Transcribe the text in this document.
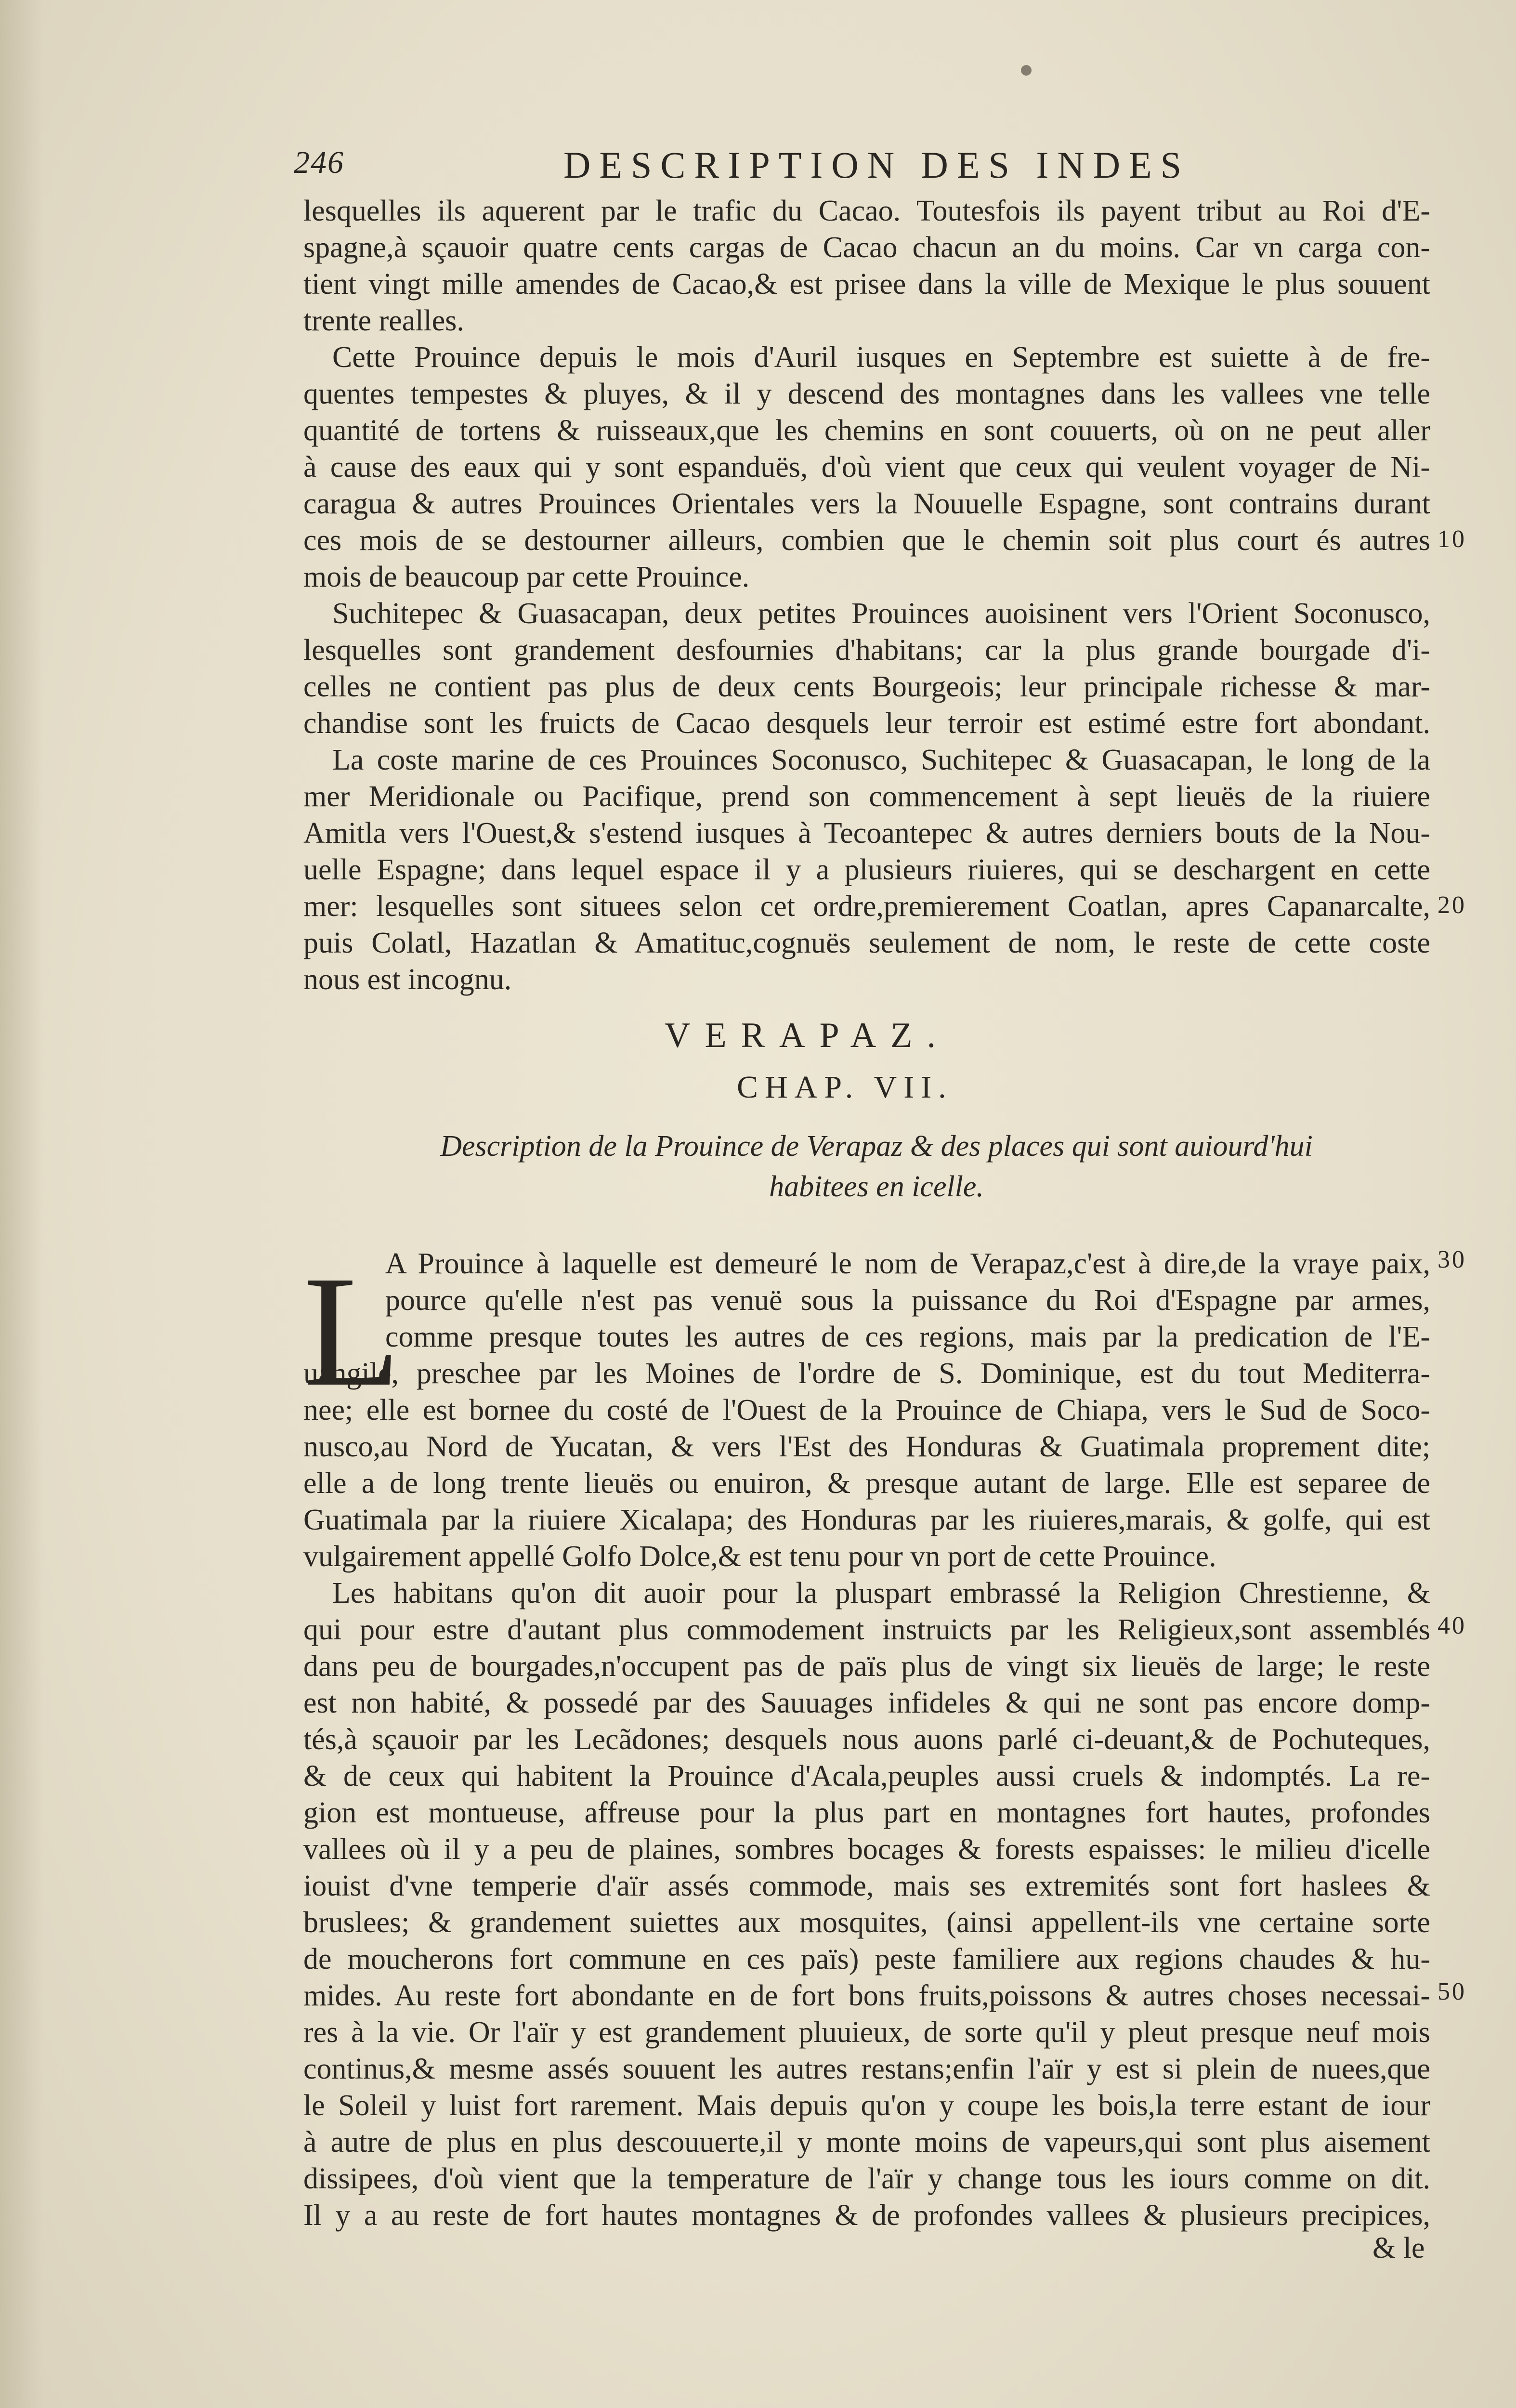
246	DESCRIPTION DES INDES
lesquelles ils aquerent par le trafic du Cacao. Toutesfois ils payent tribut au Roi d'E-
spagne,à sçauoir quatre cents cargas de Cacao chacun an du moins. Car vn carga con-
tient vingt mille amendes de Cacao,& est prisee dans la ville de Mexique le plus souuent
trente realles.
Cette Prouince depuis le mois d'Auril iusques en Septembre est suiette à de fre-
quentes tempestes & pluyes, & il y descend des montagnes dans les vallees vne telle
quantité de tortens & ruisseaux,que les chemins en sont couuerts, où on ne peut aller
à cause des eaux qui y sont espanduës, d'où vient que ceux qui veulent voyager de Ni-
caragua & autres Prouinces Orientales vers la Nouuelle Espagne, sont contrains durant
ces mois de se destourner ailleurs, combien que le chemin soit plus court és autres
mois de beaucoup par cette Prouince.
Suchitepec & Guasacapan, deux petites Prouinces auoisinent vers l'Orient Soconusco,
lesquelles sont grandement desfournies d'habitans; car la plus grande bourgade d'i-
celles ne contient pas plus de deux cents Bourgeois; leur principale richesse & mar-
chandise sont les fruicts de Cacao desquels leur terroir est estimé estre fort abondant.
La coste marine de ces Prouinces Soconusco, Suchitepec & Guasacapan, le long de la
mer Meridionale ou Pacifique, prend son commencement à sept lieuës de la riuiere
Amitla vers l'Ouest,& s'estend iusques à Tecoantepec & autres derniers bouts de la Nou-
uelle Espagne; dans lequel espace il y a plusieurs riuieres, qui se deschargent en cette
mer: lesquelles sont situees selon cet ordre,premierement Coatlan, apres Capanarcalte,
puis Colatl, Hazatlan & Amatituc,cognuës seulement de nom, le reste de cette coste
nous est incognu.
10
20
30
40
50
VERAPAZ.
CHAP. VII.
Description de la Prouince de Verapaz & des places qui sont auiourd'hui habitees en icelle.
L
A Prouince à laquelle est demeuré le nom de Verapaz,c'est à dire,de la vraye paix,
pource qu'elle n'est pas venuë sous la puissance du Roi d'Espagne par armes,
comme presque toutes les autres de ces regions, mais par la predication de l'E-
uangile, preschee par les Moines de l'ordre de S. Dominique, est du tout Mediterra-
nee; elle est bornee du costé de l'Ouest de la Prouince de Chiapa, vers le Sud de Soco-
nusco,au Nord de Yucatan, & vers l'Est des Honduras & Guatimala proprement dite;
elle a de long trente lieuës ou enuiron, & presque autant de large. Elle est separee de
Guatimala par la riuiere Xicalapa; des Honduras par les riuieres,marais, & golfe, qui est
vulgairement appellé Golfo Dolce,& est tenu pour vn port de cette Prouince.
Les habitans qu'on dit auoir pour la pluspart embrassé la Religion Chrestienne, &
qui pour estre d'autant plus commodement instruicts par les Religieux,sont assemblés
dans peu de bourgades,n'occupent pas de païs plus de vingt six lieuës de large; le reste
est non habité, & possedé par des Sauuages infideles & qui ne sont pas encore domp-
tés,à sçauoir par les Lecãdones; desquels nous auons parlé ci-deuant,& de Pochuteques,
& de ceux qui habitent la Prouince d'Acala,peuples aussi cruels & indomptés. La re-
gion est montueuse, affreuse pour la plus part en montagnes fort hautes, profondes
vallees où il y a peu de plaines, sombres bocages & forests espaisses: le milieu d'icelle
iouist d'vne temperie d'aïr assés commode, mais ses extremités sont fort haslees &
bruslees; & grandement suiettes aux mosquites, (ainsi appellent-ils vne certaine sorte
de moucherons fort commune en ces païs) peste familiere aux regions chaudes & hu-
mides. Au reste fort abondante en de fort bons fruits,poissons & autres choses necessai-
res à la vie. Or l'aïr y est grandement pluuieux, de sorte qu'il y pleut presque neuf mois
continus,& mesme assés souuent les autres restans;enfin l'aïr y est si plein de nuees,que
le Soleil y luist fort rarement. Mais depuis qu'on y coupe les bois,la terre estant de iour
à autre de plus en plus descouuerte,il y monte moins de vapeurs,qui sont plus aisement
dissipees, d'où vient que la temperature de l'aïr y change tous les iours comme on dit.
Il y a au reste de fort hautes montagnes & de profondes vallees & plusieurs precipices,
& le
